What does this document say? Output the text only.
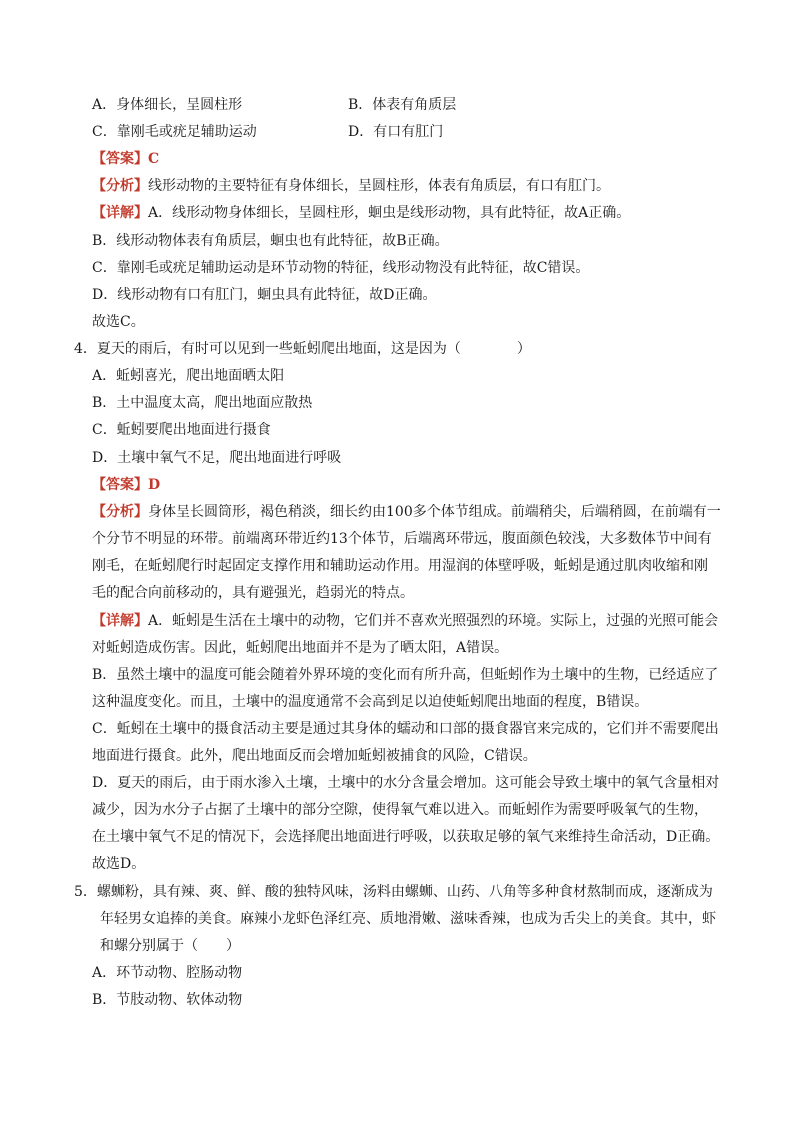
A．身体细长，呈圆柱形	B．体表有角质层
C．靠刚毛或疣足辅助运动	D．有口有肛门
【答案】C
【分析】线形动物的主要特征有身体细长，呈圆柱形，体表有角质层，有口有肛门。
【详解】A．线形动物身体细长，呈圆柱形，蛔虫是线形动物，具有此特征，故A正确。
B．线形动物体表有角质层，蛔虫也有此特征，故B正确。
C．靠刚毛或疣足辅助运动是环节动物的特征，线形动物没有此特征，故C错误。
D．线形动物有口有肛门，蛔虫具有此特征，故D正确。
故选C。
4．夏天的雨后，有时可以见到一些蚯蚓爬出地面，这是因为（　　　　）
A．蚯蚓喜光，爬出地面晒太阳
B．土中温度太高，爬出地面应散热
C．蚯蚓要爬出地面进行摄食
D．土壤中氧气不足，爬出地面进行呼吸
【答案】D
【分析】身体呈长圆筒形，褐色稍淡，细长约由100多个体节组成。前端稍尖，后端稍圆，在前端有一
个分节不明显的环带。前端离环带近约13个体节，后端离环带远，腹面颜色较浅，大多数体节中间有
刚毛，在蚯蚓爬行时起固定支撑作用和辅助运动作用。用湿润的体壁呼吸，蚯蚓是通过肌肉收缩和刚
毛的配合向前移动的，具有避强光，趋弱光的特点。
【详解】A．蚯蚓是生活在土壤中的动物，它们并不喜欢光照强烈的环境。实际上，过强的光照可能会
对蚯蚓造成伤害。因此，蚯蚓爬出地面并不是为了晒太阳，A错误。
B．虽然土壤中的温度可能会随着外界环境的变化而有所升高，但蚯蚓作为土壤中的生物，已经适应了
这种温度变化。而且，土壤中的温度通常不会高到足以迫使蚯蚓爬出地面的程度，B错误。
C．蚯蚓在土壤中的摄食活动主要是通过其身体的蠕动和口部的摄食器官来完成的，它们并不需要爬出
地面进行摄食。此外，爬出地面反而会增加蚯蚓被捕食的风险，C错误。
D．夏天的雨后，由于雨水渗入土壤，土壤中的水分含量会增加。这可能会导致土壤中的氧气含量相对
减少，因为水分子占据了土壤中的部分空隙，使得氧气难以进入。而蚯蚓作为需要呼吸氧气的生物，
在土壤中氧气不足的情况下，会选择爬出地面进行呼吸，以获取足够的氧气来维持生命活动，D正确。
故选D。
5．螺蛳粉，具有辣、爽、鲜、酸的独特风味，汤料由螺蛳、山药、八角等多种食材熬制而成，逐渐成为
年轻男女追捧的美食。麻辣小龙虾色泽红亮、质地滑嫩、滋味香辣，也成为舌尖上的美食。其中，虾
和螺分别属于（　　）
A．环节动物、腔肠动物
B．节肢动物、软体动物
